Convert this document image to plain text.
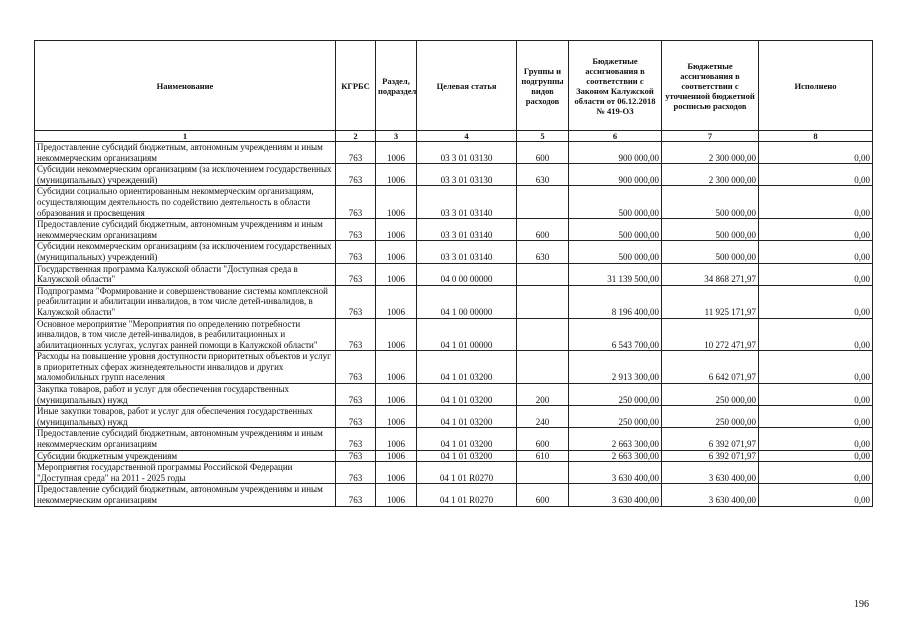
Наименование	КГРБС	Раздел, подраздел	Целевая статья	Группы и подгруппы видов расходов	Бюджетные ассигнования в соответствии с Законом Калужской области от 06.12.2018 № 419-ОЗ	Бюджетные ассигнования в соответствии с уточненной бюджетной росписью расходов	Исполнено
1	2	3	4	5	6	7	8
Предоставление субсидий бюджетным, автономным учреждениям и иным некоммерческим организациям	763	1006	03 3 01 03130	600	900 000,00	2 300 000,00	0,00
Субсидии некоммерческим организациям (за исключением государственных (муниципальных) учреждений)	763	1006	03 3 01 03130	630	900 000,00	2 300 000,00	0,00
Субсидии социально ориентированным некоммерческим организациям, осуществляющим деятельность по содействию деятельность в области образования и просвещения	763	1006	03 3 01 03140		500 000,00	500 000,00	0,00
Предоставление субсидий бюджетным, автономным учреждениям и иным некоммерческим организациям	763	1006	03 3 01 03140	600	500 000,00	500 000,00	0,00
Субсидии некоммерческим организациям (за исключением государственных (муниципальных) учреждений)	763	1006	03 3 01 03140	630	500 000,00	500 000,00	0,00
Государственная программа Калужской области "Доступная среда в Калужской области"	763	1006	04 0 00 00000		31 139 500,00	34 868 271,97	0,00
Подпрограмма "Формирование и совершенствование системы комплексной реабилитации и абилитации инвалидов, в том числе детей-инвалидов, в Калужской области"	763	1006	04 1 00 00000		8 196 400,00	11 925 171,97	0,00
Основное мероприятие "Мероприятия по определению потребности инвалидов, в том числе детей-инвалидов, в реабилитационных и абилитационных услугах, услугах ранней помощи в Калужской области"	763	1006	04 1 01 00000		6 543 700,00	10 272 471,97	0,00
Расходы на повышение уровня доступности приоритетных объектов и услуг в приоритетных сферах жизнедеятельности инвалидов и других маломобильных групп населения	763	1006	04 1 01 03200		2 913 300,00	6 642 071,97	0,00
Закупка товаров, работ и услуг для обеспечения государственных (муниципальных) нужд	763	1006	04 1 01 03200	200	250 000,00	250 000,00	0,00
Иные закупки товаров, работ и услуг для обеспечения государственных (муниципальных) нужд	763	1006	04 1 01 03200	240	250 000,00	250 000,00	0,00
Предоставление субсидий бюджетным, автономным учреждениям и иным некоммерческим организациям	763	1006	04 1 01 03200	600	2 663 300,00	6 392 071,97	0,00
Субсидии бюджетным учреждениям	763	1006	04 1 01 03200	610	2 663 300,00	6 392 071,97	0,00
Мероприятия государственной программы Российской Федерации "Доступная среда" на 2011 - 2025 годы	763	1006	04 1 01 R0270		3 630 400,00	3 630 400,00	0,00
Предоставление субсидий бюджетным, автономным учреждениям и иным некоммерческим организациям	763	1006	04 1 01 R0270	600	3 630 400,00	3 630 400,00	0,00
196
